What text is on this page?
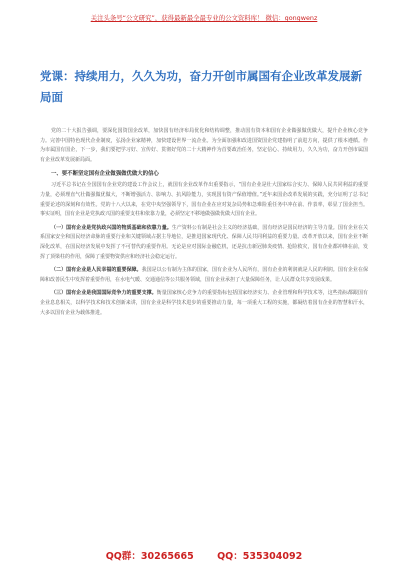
关注头条号“公文研究”，获得最新最全最专业的公文资料库！ 微信：gongwenz
党课：持续用力，久久为功，奋力开创市属国有企业改革发展新局面

党的二十大报告强调，要深化国资国企改革，加快国有经济布局优化和结构调整，推动国有资本和国有企业做强做优做大，提升企业核心竞争力。完善中国特色现代企业制度，弘扬企业家精神，加快建设世界一流企业。为全面加强和改进国资国企党建指明了前进方向，提供了根本遵循。作为市属国有国企，下一步，我们要把学习好、宣传好、贯彻好党的二十大精神作为首要政治任务，坚定信心、持续用力，久久为功，奋力开创市属国有企业改革发展新局面。

一、要不断坚定国有企业做强做优做大的信心

习近平总书记在全国国有企业党的建设工作会议上，就国有企业改革作出重要指示，“国有企业是壮大国家综合实力、保障人民共同利益的重要力量，必须理直气壮做强做优做大，不断增强活力、影响力、抗风险能力，实现国有资产保值增值。”近年来国企改革发展的实践，充分证明了总书记重要论述的深刻和有效性。党的十八大以来，在党中央坚强领导下，国有企业在应对复杂局势和急难险重任务中冲在前、作表率，彰显了国企担当。事实证明，国有企业是党执政兴国的重要支柱和依靠力量，必须坚定不移地做强做优做大国有企业。

（一）国有企业是党执政兴国的物质基础和依靠力量。生产资料公有制是社会主义的经济基础，国有经济是国民经济的主导力量。国有企业在关系国家安全和国民经济命脉的重要行业和关键领域占据主导地位，是推进国家现代化、保障人民共同利益的重要力量。改革开放以来，国有企业不断深化改革，在国民经济发展中发挥了不可替代的重要作用。无论是应对国际金融危机，还是抗击新冠肺炎疫情、抢险救灾，国有企业都冲锋在前，发挥了顶梁柱的作用，保障了重要物资供应和经济社会稳定运行。

（二）国有企业是人民幸福的重要保障。我国是以公有制为主体的国家，国有企业为人民所有，国有企业的利润就是人民的利润。国有企业在保障和改善民生中发挥着重要作用，在水电气暖、交通通信等公共服务领域，国有企业承担了大量保障任务，让人民群众共享发展成果。

（三）国有企业是我国国际竞争力的重要支撑。衡量国家核心竞争力的重要指标包括国家经济实力、企业管理和科学技术等，这些指标都跟国有企业息息相关，以科学技术和技术创新来讲，国有企业是科学技术进步的重要推动力量，每一项重大工程的实施，都凝结着国有企业的智慧和汗水，大多以国有企业为载体推进。

QQ群：30265665 QQ：535304092
